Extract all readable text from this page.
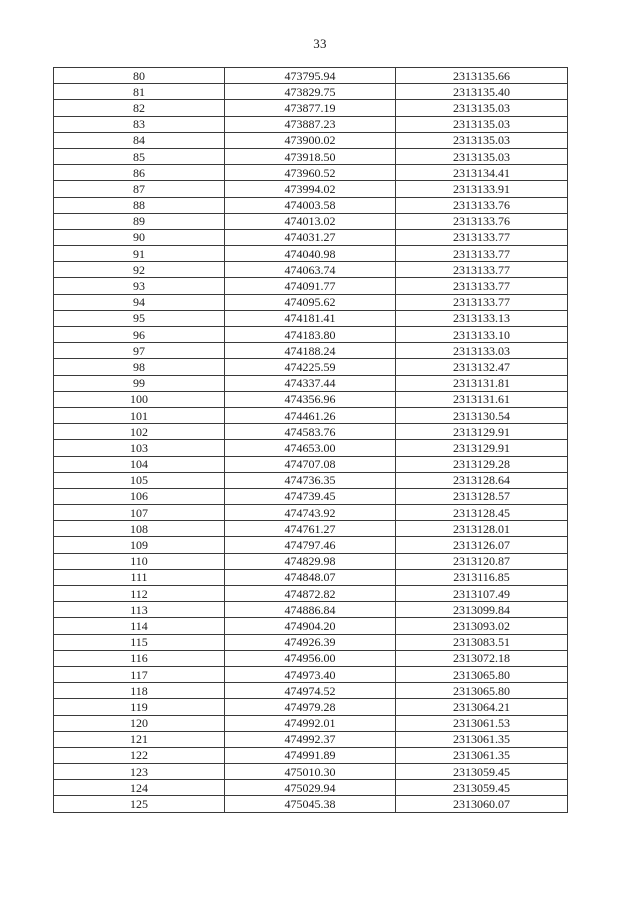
33
80	473795.94	2313135.66
81	473829.75	2313135.40
82	473877.19	2313135.03
83	473887.23	2313135.03
84	473900.02	2313135.03
85	473918.50	2313135.03
86	473960.52	2313134.41
87	473994.02	2313133.91
88	474003.58	2313133.76
89	474013.02	2313133.76
90	474031.27	2313133.77
91	474040.98	2313133.77
92	474063.74	2313133.77
93	474091.77	2313133.77
94	474095.62	2313133.77
95	474181.41	2313133.13
96	474183.80	2313133.10
97	474188.24	2313133.03
98	474225.59	2313132.47
99	474337.44	2313131.81
100	474356.96	2313131.61
101	474461.26	2313130.54
102	474583.76	2313129.91
103	474653.00	2313129.91
104	474707.08	2313129.28
105	474736.35	2313128.64
106	474739.45	2313128.57
107	474743.92	2313128.45
108	474761.27	2313128.01
109	474797.46	2313126.07
110	474829.98	2313120.87
111	474848.07	2313116.85
112	474872.82	2313107.49
113	474886.84	2313099.84
114	474904.20	2313093.02
115	474926.39	2313083.51
116	474956.00	2313072.18
117	474973.40	2313065.80
118	474974.52	2313065.80
119	474979.28	2313064.21
120	474992.01	2313061.53
121	474992.37	2313061.35
122	474991.89	2313061.35
123	475010.30	2313059.45
124	475029.94	2313059.45
125	475045.38	2313060.07
